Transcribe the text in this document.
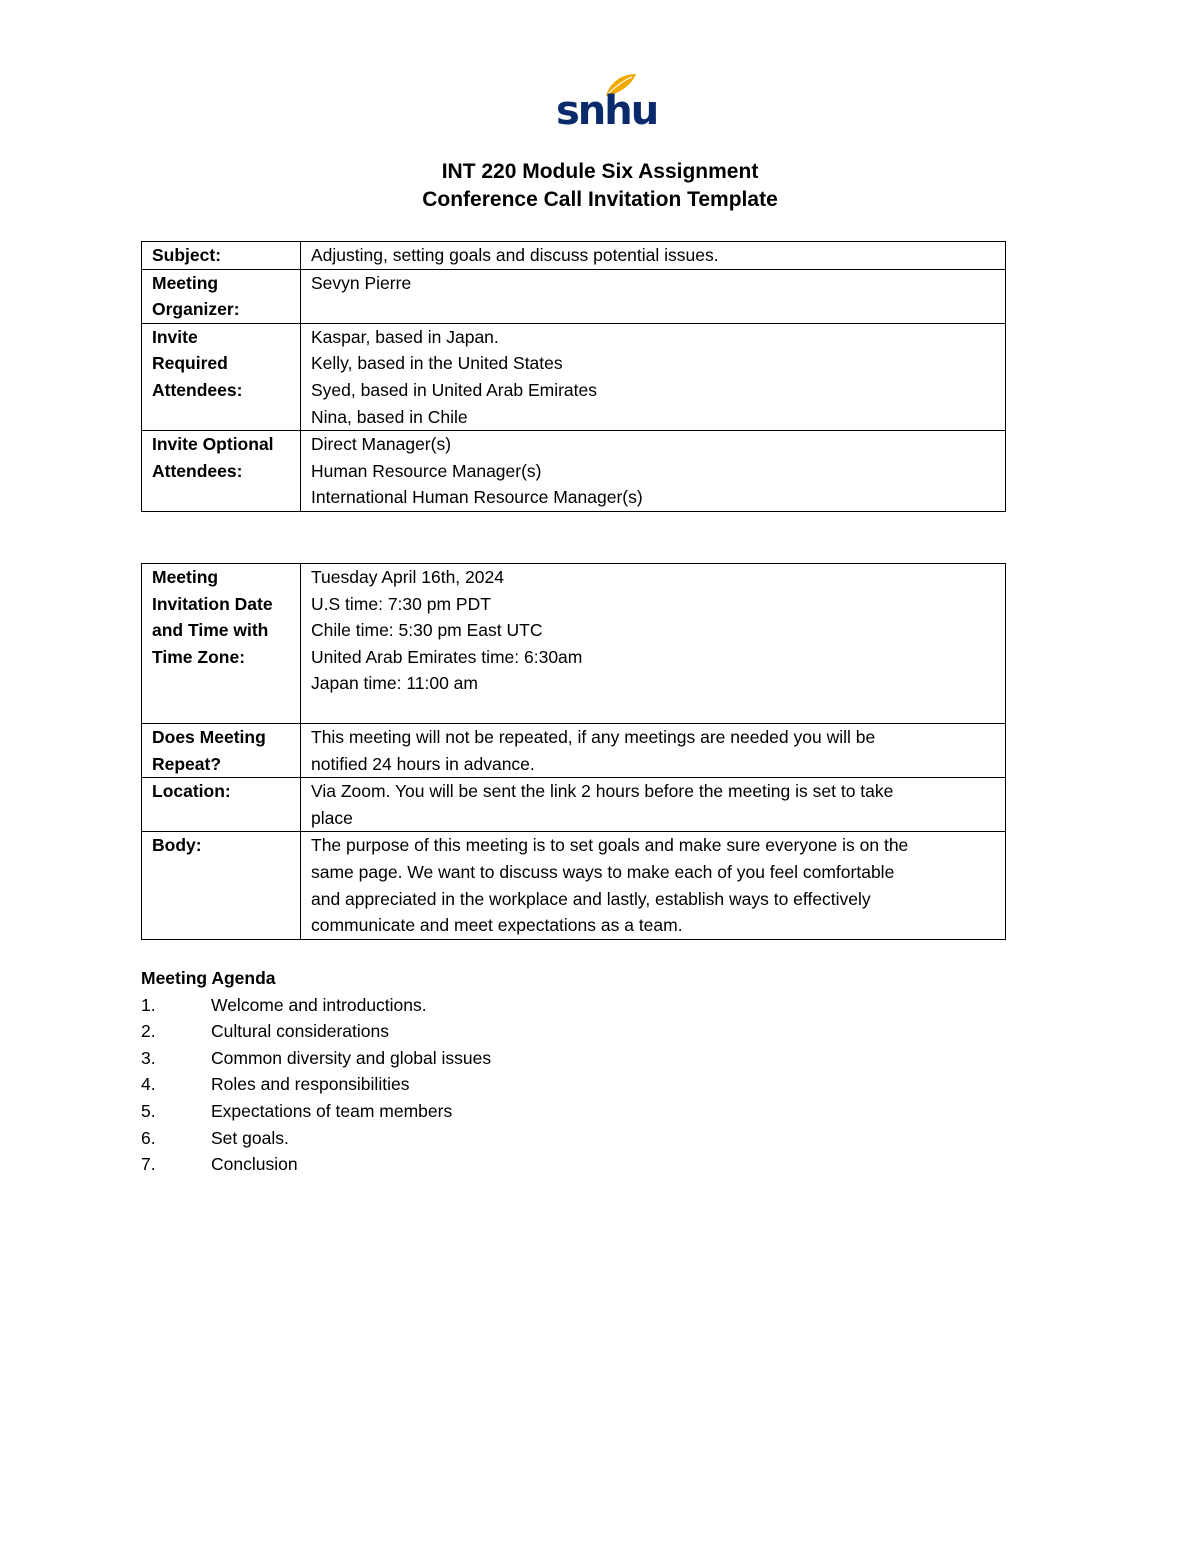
snhu
INT 220 Module Six Assignment
Conference Call Invitation Template
Subject:	Adjusting, setting goals and discuss potential issues.

Meeting
Organizer:	Sevyn Pierre

Invite
Required
Attendees:	Kaspar, based in Japan.
Kelly, based in the United States
Syed, based in United Arab Emirates
Nina, based in Chile

Invite Optional
Attendees:	Direct Manager(s)
Human Resource Manager(s)
International Human Resource Manager(s)
Meeting
Invitation Date
and Time with
Time Zone:	Tuesday April 16th, 2024
U.S time: 7:30 pm PDT
Chile time: 5:30 pm East UTC
United Arab Emirates time: 6:30am
Japan time: 11:00 am

Does Meeting
Repeat?	This meeting will not be repeated, if any meetings are needed you will be
notified 24 hours in advance.

Location:	Via Zoom. You will be sent the link 2 hours before the meeting is set to take
place

Body:	The purpose of this meeting is to set goals and make sure everyone is on the
same page. We want to discuss ways to make each of you feel comfortable
and appreciated in the workplace and lastly, establish ways to effectively
communicate and meet expectations as a team.
Meeting Agenda
1.	Welcome and introductions.
2.	Cultural considerations
3.	Common diversity and global issues
4.	Roles and responsibilities
5.	Expectations of team members
6.	Set goals.
7.	Conclusion
